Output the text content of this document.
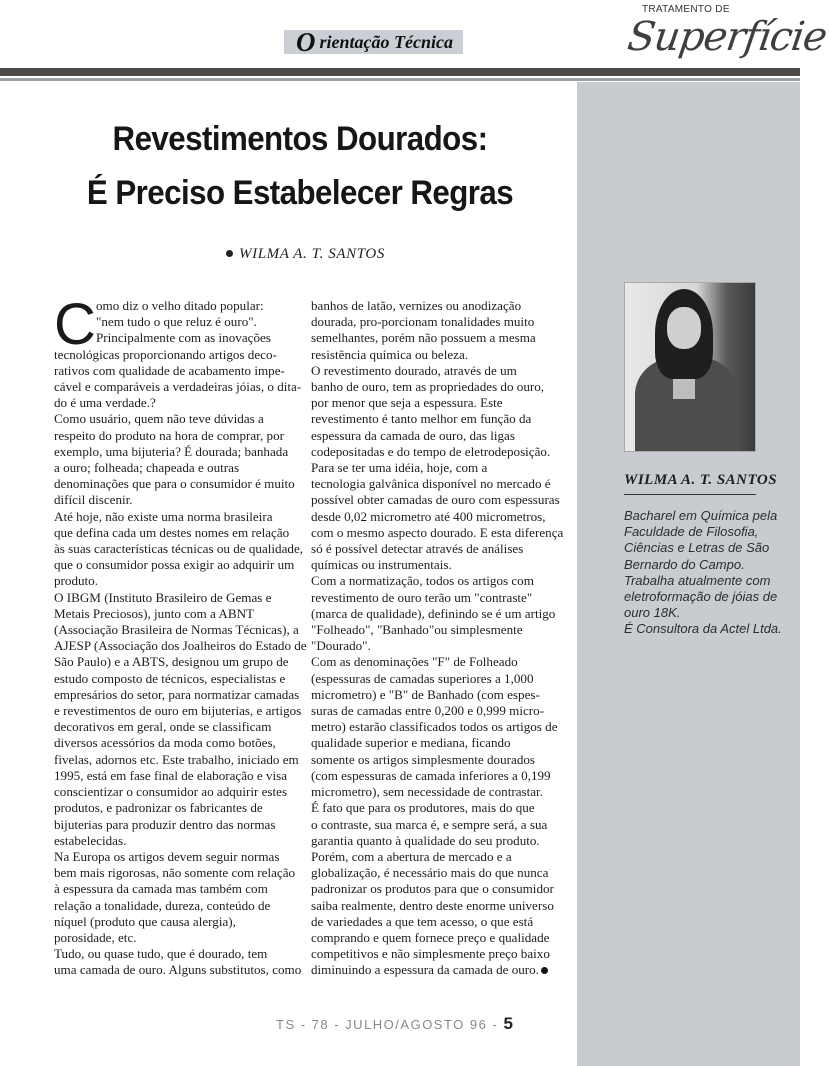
O rientação Técnica
TRATAMENTO DE
Superfície
WILMA A. T. SANTOS
Bacharel em Química pela
Faculdade de Filosofia,
Ciências e Letras de São
Bernardo do Campo.
Trabalha atualmente com
eletroformação de jóias de
ouro 18K.
É Consultora da Actel Ltda.
Revestimentos Dourados:
É Preciso Estabelecer Regras
WILMA A. T. SANTOS
C omo diz o velho ditado popular:
"nem tudo o que reluz é ouro".
Principalmente com as inovações
tecnológicas proporcionando artigos deco-
rativos com qualidade de acabamento impe-
cável e comparáveis a verdadeiras jóias, o dita-
do é uma verdade.?
Como usuário, quem não teve dúvidas a
respeito do produto na hora de comprar, por
exemplo, uma bijuteria? É dourada; banhada
a ouro; folheada; chapeada e outras
denominações que para o consumidor é muito
difícil discenir.
Até hoje, não existe uma norma brasileira
que defina cada um destes nomes em relação
às suas características técnicas ou de qualidade,
que o consumidor possa exigir ao adquirir um
produto.
O IBGM (Instituto Brasileiro de Gemas e
Metais Preciosos), junto com a ABNT
(Associação Brasileira de Normas Técnicas), a
AJESP (Associação dos Joalheiros do Estado de
São Paulo) e a ABTS, designou um grupo de
estudo composto de técnicos, especialistas e
empresários do setor, para normatizar camadas
e revestimentos de ouro em bijuterias, e artigos
decorativos em geral, onde se classificam
diversos acessórios da moda como botões,
fivelas, adornos etc. Este trabalho, iniciado em
1995, está em fase final de elaboração e visa
conscientizar o consumidor ao adquirir estes
produtos, e padronizar os fabricantes de
bijuterias para produzir dentro das normas
estabelecidas.
Na Europa os artigos devem seguir normas
bem mais rigorosas, não somente com relação
à espessura da camada mas também com
relação a tonalidade, dureza, conteúdo de
níquel (produto que causa alergia),
porosidade, etc.
Tudo, ou quase tudo, que é dourado, tem
uma camada de ouro. Alguns substitutos, como
banhos de latão, vernizes ou anodização
dourada, pro-porcionam tonalidades muito
semelhantes, porém não possuem a mesma
resistência química ou beleza.
O revestimento dourado, através de um
banho de ouro, tem as propriedades do ouro,
por menor que seja a espessura. Este
revestimento é tanto melhor em função da
espessura da camada de ouro, das ligas
codepositadas e do tempo de eletrodeposição.
Para se ter uma idéia, hoje, com a
tecnologia galvânica disponível no mercado é
possível obter camadas de ouro com espessuras
desde 0,02 micrometro até 400 micrometros,
com o mesmo aspecto dourado. E esta diferença
só é possível detectar através de análises
químicas ou instrumentais.
Com a normatização, todos os artigos com
revestimento de ouro terão um "contraste"
(marca de qualidade), definindo se é um artigo
"Folheado", "Banhado"ou simplesmente
"Dourado".
Com as denominações "F" de Folheado
(espessuras de camadas superiores a 1,000
micrometro) e "B" de Banhado (com espes-
suras de camadas entre 0,200 e 0,999 micro-
metro) estarão classificados todos os artigos de
qualidade superior e mediana, ficando
somente os artigos simplesmente dourados
(com espessuras de camada inferiores a 0,199
micrometro), sem necessidade de contrastar.
É fato que para os produtores, mais do que
o contraste, sua marca é, e sempre será, a sua
garantia quanto à qualidade do seu produto.
Porém, com a abertura de mercado e a
globalização, é necessário mais do que nunca
padronizar os produtos para que o consumidor
saiba realmente, dentro deste enorme universo
de variedades a que tem acesso, o que está
comprando e quem fornece preço e qualidade
competitivos e não simplesmente preço baixo
diminuindo a espessura da camada de ouro.
TS - 78 - JULHO/AGOSTO 96 - 5
